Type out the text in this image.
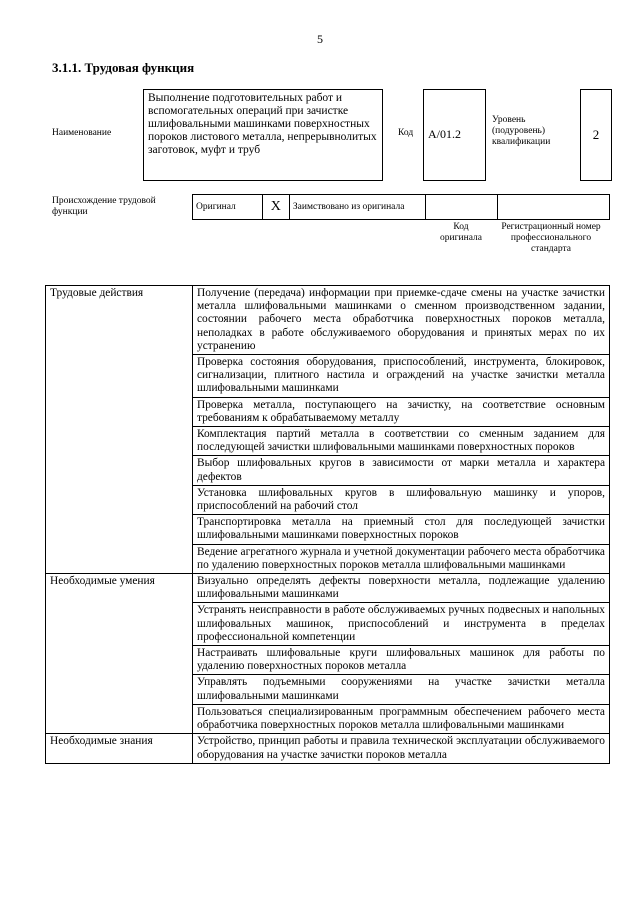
5
3.1.1. Трудовая функция
Наименование
Выполнение подготовительных работ и вспомогательных операций при зачистке шлифовальными машинками поверхностных пороков листового металла, непрерывнолитых заготовок, муфт и труб
Код	А/01.2
Уровень (подуровень) квалификации	2
Происхождение трудовой функции
Оригинал	X	Заимствовано из оригинала		
Код оригинала
Регистрационный номер профессионального стандарта
Трудовые действия	Получение (передача) информации при приемке-сдаче смены на участке зачистки металла шлифовальными машинками о сменном производственном задании, состоянии рабочего места обработчика поверхностных пороков металла, неполадках в работе обслуживаемого оборудования и принятых мерах по их устранению
	Проверка состояния оборудования, приспособлений, инструмента, блокировок, сигнализации, плитного настила и ограждений на участке зачистки металла шлифовальными машинками
	Проверка металла, поступающего на зачистку, на соответствие основным требованиям к обрабатываемому металлу
	Комплектация партий металла в соответствии со сменным заданием для последующей зачистки шлифовальными машинками поверхностных пороков
	Выбор шлифовальных кругов в зависимости от марки металла и характера дефектов
	Установка шлифовальных кругов в шлифовальную машинку и упоров, приспособлений на рабочий стол
	Транспортировка металла на приемный стол для последующей зачистки шлифовальными машинками поверхностных пороков
	Ведение агрегатного журнала и учетной документации рабочего места обработчика по удалению поверхностных пороков металла шлифовальными машинками
Необходимые умения	Визуально определять дефекты поверхности металла, подлежащие удалению шлифовальными машинками
	Устранять неисправности в работе обслуживаемых ручных подвесных и напольных шлифовальных машинок, приспособлений и инструмента в пределах профессиональной компетенции
	Настраивать шлифовальные круги шлифовальных машинок для работы по удалению поверхностных пороков металла
	Управлять подъемными сооружениями на участке зачистки металла шлифовальными машинками
	Пользоваться специализированным программным обеспечением рабочего места обработчика поверхностных пороков металла шлифовальными машинками
Необходимые знания	Устройство, принцип работы и правила технической эксплуатации обслуживаемого оборудования на участке зачистки пороков металла
